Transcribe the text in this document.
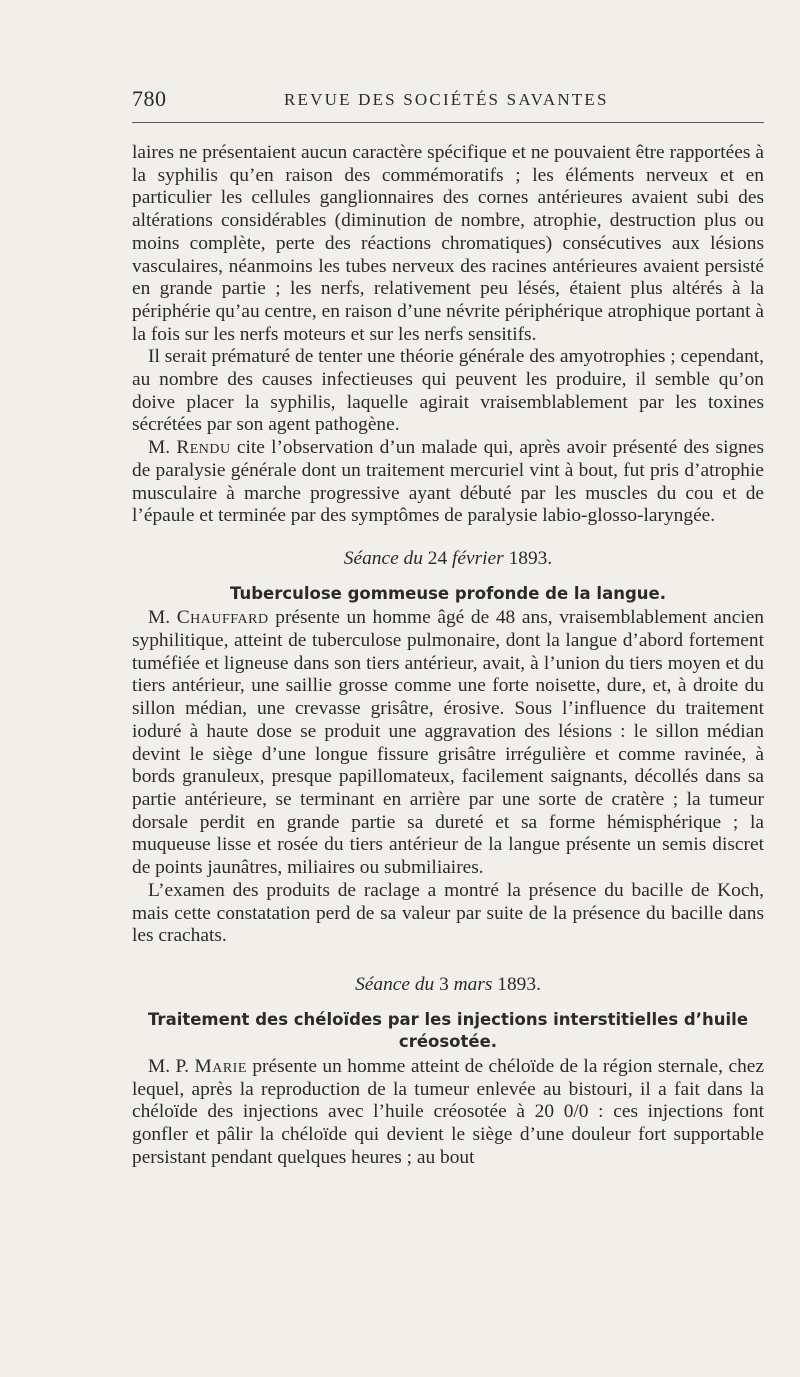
780	REVUE DES SOCIÉTÉS SAVANTES

laires ne présentaient aucun caractère spécifique et ne pouvaient être rapportées à la syphilis qu’en raison des commémoratifs ; les éléments nerveux et en particulier les cellules ganglionnaires des cornes antérieures avaient subi des altérations considérables (diminution de nombre, atrophie, destruction plus ou moins complète, perte des réactions chromatiques) consécutives aux lésions vasculaires, néanmoins les tubes nerveux des racines antérieures avaient persisté en grande partie ; les nerfs, relativement peu lésés, étaient plus altérés à la périphérie qu’au centre, en raison d’une névrite périphérique atrophique portant à la fois sur les nerfs moteurs et sur les nerfs sensitifs.

Il serait prématuré de tenter une théorie générale des amyotrophies ; cependant, au nombre des causes infectieuses qui peuvent les produire, il semble qu’on doive placer la syphilis, laquelle agirait vraisemblablement par les toxines sécrétées par son agent pathogène.

M. Rendu cite l’observation d’un malade qui, après avoir présenté des signes de paralysie générale dont un traitement mercuriel vint à bout, fut pris d’atrophie musculaire à marche progressive ayant débuté par les muscles du cou et de l’épaule et terminée par des symptômes de paralysie labio-glosso-laryngée.

Séance du 24 février 1893.
Tuberculose gommeuse profonde de la langue.

M. Chauffard présente un homme âgé de 48 ans, vraisemblablement ancien syphilitique, atteint de tuberculose pulmonaire, dont la langue d’abord fortement tuméfiée et ligneuse dans son tiers antérieur, avait, à l’union du tiers moyen et du tiers antérieur, une saillie grosse comme une forte noisette, dure, et, à droite du sillon médian, une crevasse grisâtre, érosive. Sous l’influence du traitement ioduré à haute dose se produit une aggravation des lésions : le sillon médian devint le siège d’une longue fissure grisâtre irrégulière et comme ravinée, à bords granuleux, presque papillomateux, facilement saignants, décollés dans sa partie antérieure, se terminant en arrière par une sorte de cratère ; la tumeur dorsale perdit en grande partie sa dureté et sa forme hémisphérique ; la muqueuse lisse et rosée du tiers antérieur de la langue présente un semis discret de points jaunâtres, miliaires ou submiliaires.

L’examen des produits de raclage a montré la présence du bacille de Koch, mais cette constatation perd de sa valeur par suite de la présence du bacille dans les crachats.

Séance du 3 mars 1893.
Traitement des chéloïdes par les injections interstitielles d’huile créosotée.

M. P. Marie présente un homme atteint de chéloïde de la région sternale, chez lequel, après la reproduction de la tumeur enlevée au bistouri, il a fait dans la chéloïde des injections avec l’huile créosotée à 20 0/0 : ces injections font gonfler et pâlir la chéloïde qui devient le siège d’une douleur fort supportable persistant pendant quelques heures ; au bout
